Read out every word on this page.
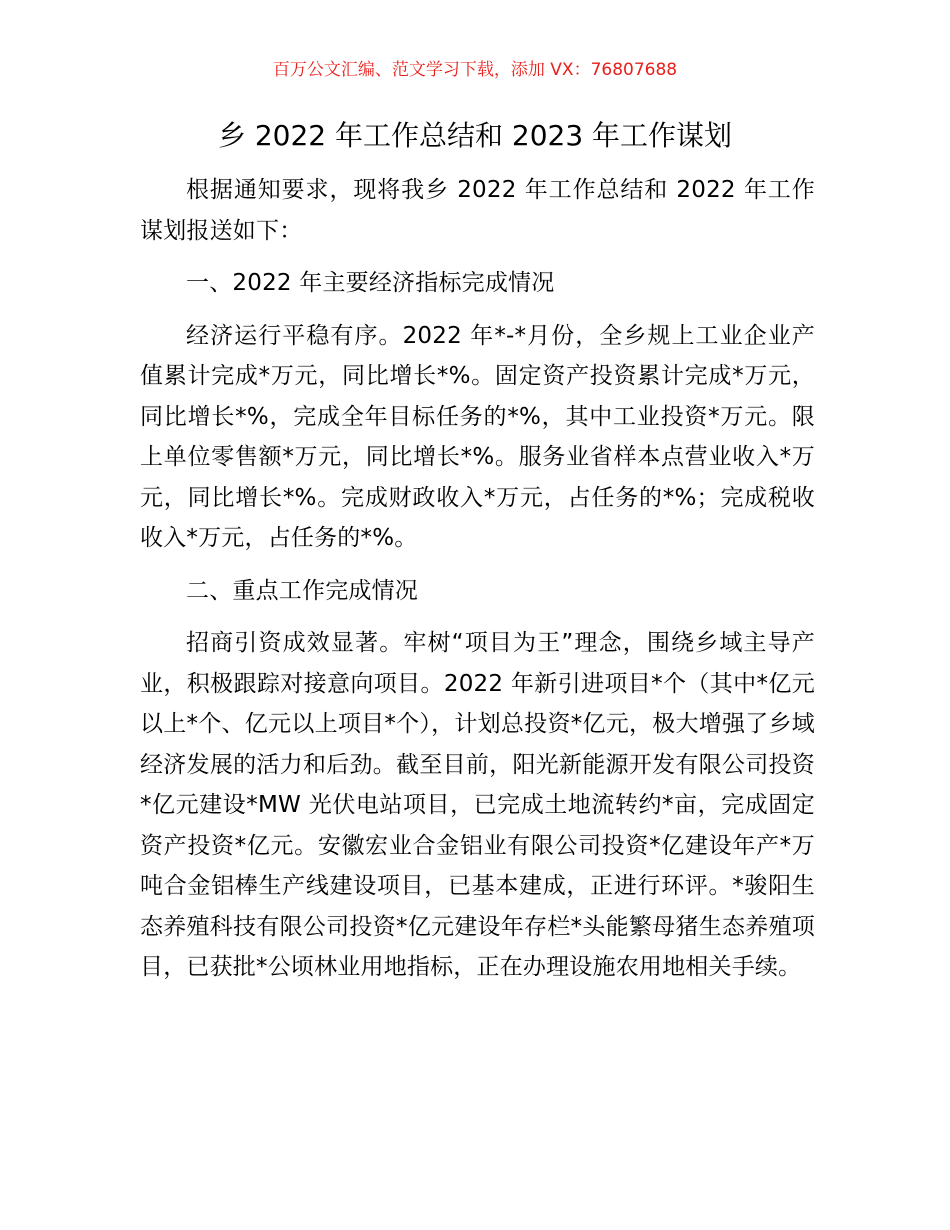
百万公文汇编、范文学习下载，添加 VX：76807688
乡 2022 年工作总结和 2023 年工作谋划

根据通知要求，现将我乡 2022 年工作总结和 2022 年工作谋划报送如下：

一、2022 年主要经济指标完成情况

经济运行平稳有序。2022 年*-*月份，全乡规上工业企业产值累计完成*万元，同比增长*%。固定资产投资累计完成*万元，同比增长*%，完成全年目标任务的*%，其中工业投资*万元。限上单位零售额*万元，同比增长*%。服务业省样本点营业收入*万元，同比增长*%。完成财政收入*万元，占任务的*%；完成税收收入*万元，占任务的*%。

二、重点工作完成情况

招商引资成效显著。牢树“项目为王”理念，围绕乡域主导产业，积极跟踪对接意向项目。2022 年新引进项目*个（其中*亿元以上*个、亿元以上项目*个），计划总投资*亿元，极大增强了乡域经济发展的活力和后劲。截至目前，阳光新能源开发有限公司投资*亿元建设*MW 光伏电站项目，已完成土地流转约*亩，完成固定资产投资*亿元。安徽宏业合金铝业有限公司投资*亿建设年产*万吨合金铝棒生产线建设项目，已基本建成，正进行环评。*骏阳生态养殖科技有限公司投资*亿元建设年存栏*头能繁母猪生态养殖项目，已获批*公顷林业用地指标，正在办理设施农用地相关手续。
